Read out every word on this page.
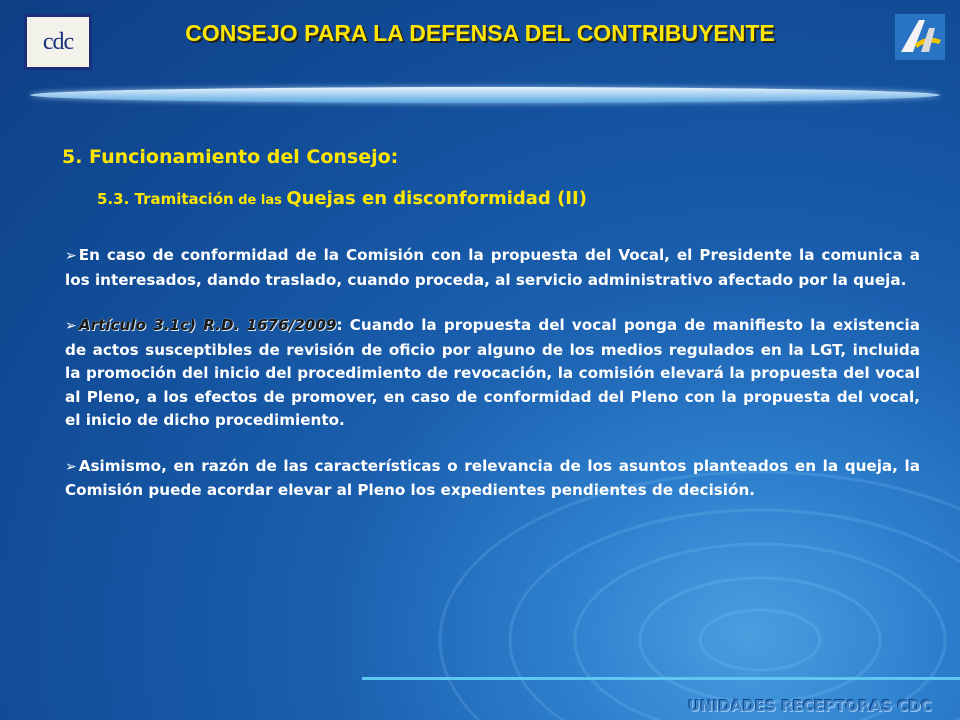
cdc	CONSEJO PARA LA DEFENSA DEL CONTRIBUYENTE
5. Funcionamiento del Consejo:
5.3. Tramitación de las Quejas en disconformidad (II)

➢ En caso de conformidad de la Comisión con la propuesta del Vocal, el Presidente la comunica a los interesados, dando traslado, cuando proceda, al servicio administrativo afectado por la queja.

➢ Artículo 3.1c) R.D. 1676/2009: Cuando la propuesta del vocal ponga de manifiesto la existencia de actos susceptibles de revisión de oficio por alguno de los medios regulados en la LGT, incluida la promoción del inicio del procedimiento de revocación, la comisión elevará la propuesta del vocal al Pleno, a los efectos de promover, en caso de conformidad del Pleno con la propuesta del vocal, el inicio de dicho procedimiento.

➢ Asimismo, en razón de las características o relevancia de los asuntos planteados en la queja, la Comisión puede acordar elevar al Pleno los expedientes pendientes de decisión.

UNIDADES RECEPTORAS CDC
